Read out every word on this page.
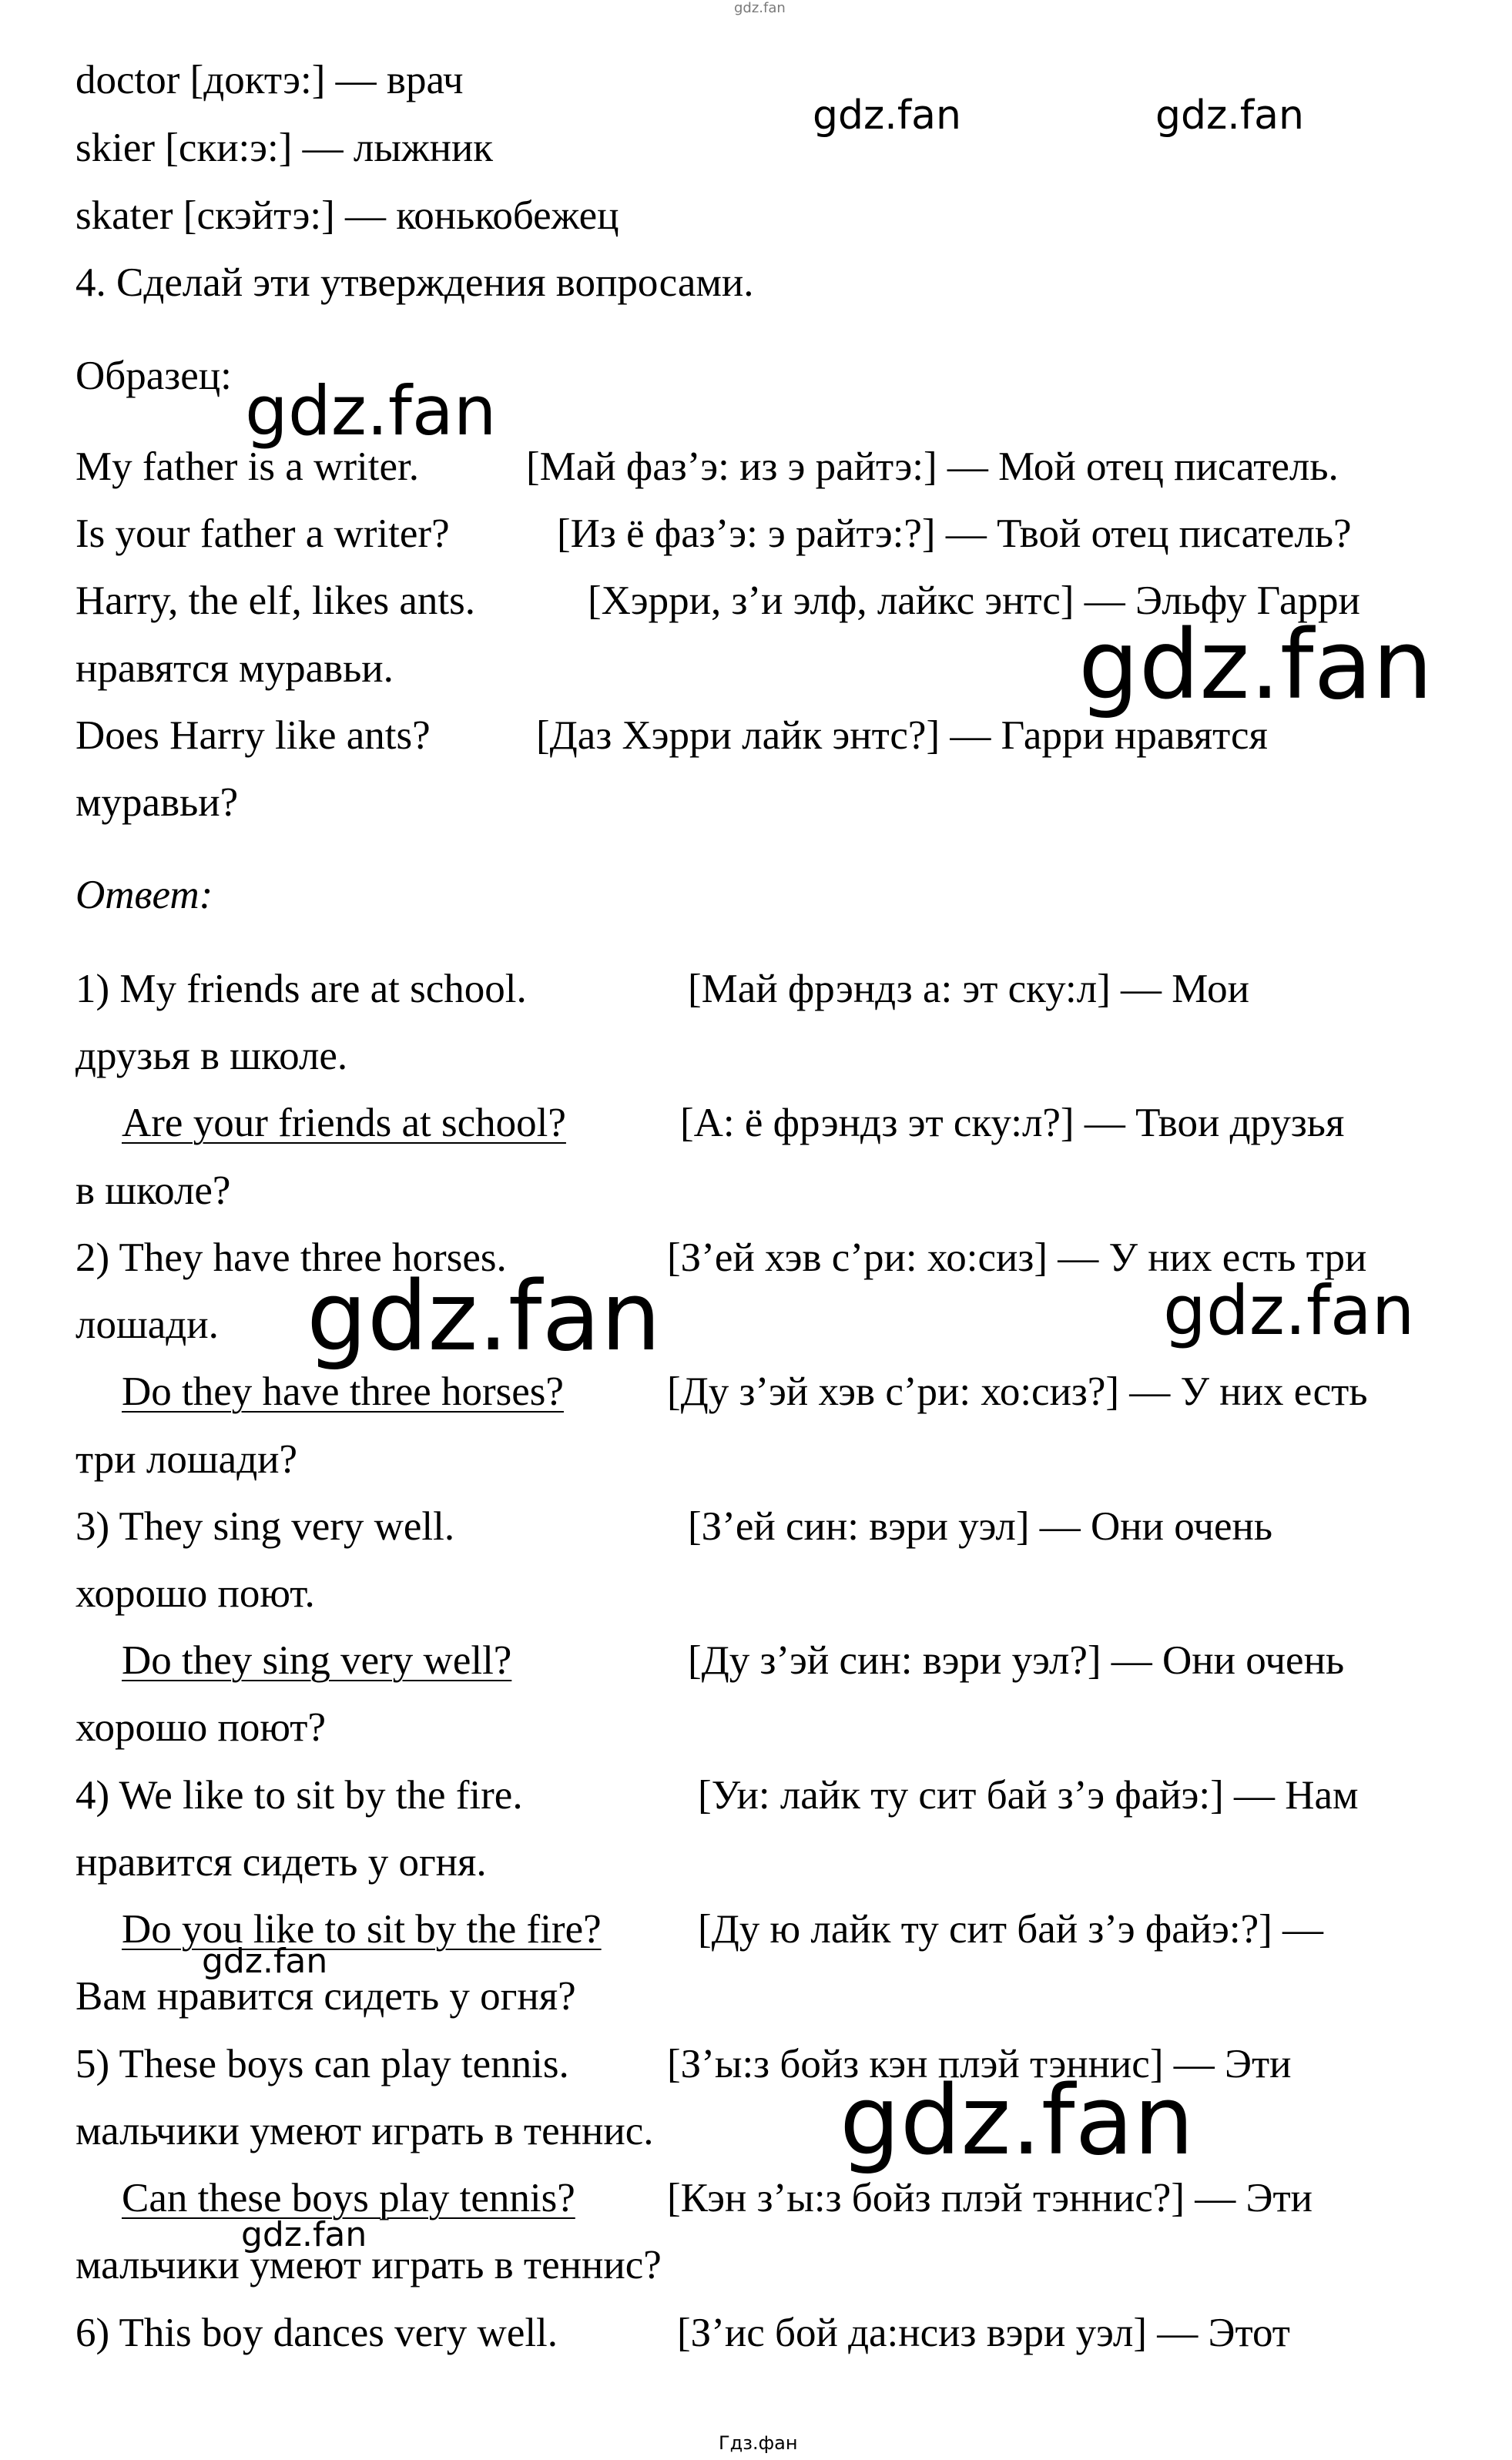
gdz.fan
gdz.fan	gdz.fan
gdz.fan
gdz.fan
gdz.fan	gdz.fan
gdz.fan
gdz.fan
gdz.fan
Гдз.фан
doctor [доктэ:] — врач
skier [ски:э:] — лыжник
skater [скэйтэ:] — конькобежец
4. Сделай эти утверждения вопросами.
Образец:
My father is a writer.	[Май фаз’э: из э райтэ:] — Мой отец писатель.
Is your father a writer?	[Из ё фаз’э: э райтэ:?] — Твой отец писатель?
Harry, the elf, likes ants.	[Хэрри, з’и элф, лайкс энтс] — Эльфу Гарри
нравятся муравьи.
Does Harry like ants?	[Даз Хэрри лайк энтс?] — Гарри нравятся
муравьи?
Ответ:
1) My friends are at school.	[Май фрэндз а: эт ску:л] — Мои
друзья в школе.
Are your friends at school?	[А: ё фрэндз эт ску:л?] — Твои друзья
в школе?
2) They have three horses.	[З’ей хэв с’ри: хо:сиз] — У них есть три
лошади.
Do they have three horses?	[Ду з’эй хэв с’ри: хо:сиз?] — У них есть
три лошади?
3) They sing very well.	[З’ей син: вэри уэл] — Они очень
хорошо поют.
Do they sing very well?	[Ду з’эй син: вэри уэл?] — Они очень
хорошо поют?
4) We like to sit by the fire.	[Уи: лайк ту сит бай з’э файэ:] — Нам
нравится сидеть у огня.
Do you like to sit by the fire? [Ду ю лайк ту сит бай з’э файэ:?] —
Вам нравится сидеть у огня?
5) These boys can play tennis. [З’ы:з бойз кэн плэй тэннис] — Эти
мальчики умеют играть в теннис.
Can these boys play tennis? [Кэн з’ы:з бойз плэй тэннис?] — Эти
мальчики умеют играть в теннис?
6) This boy dances very well.	[З’ис бой да:нсиз вэри уэл] — Этот
